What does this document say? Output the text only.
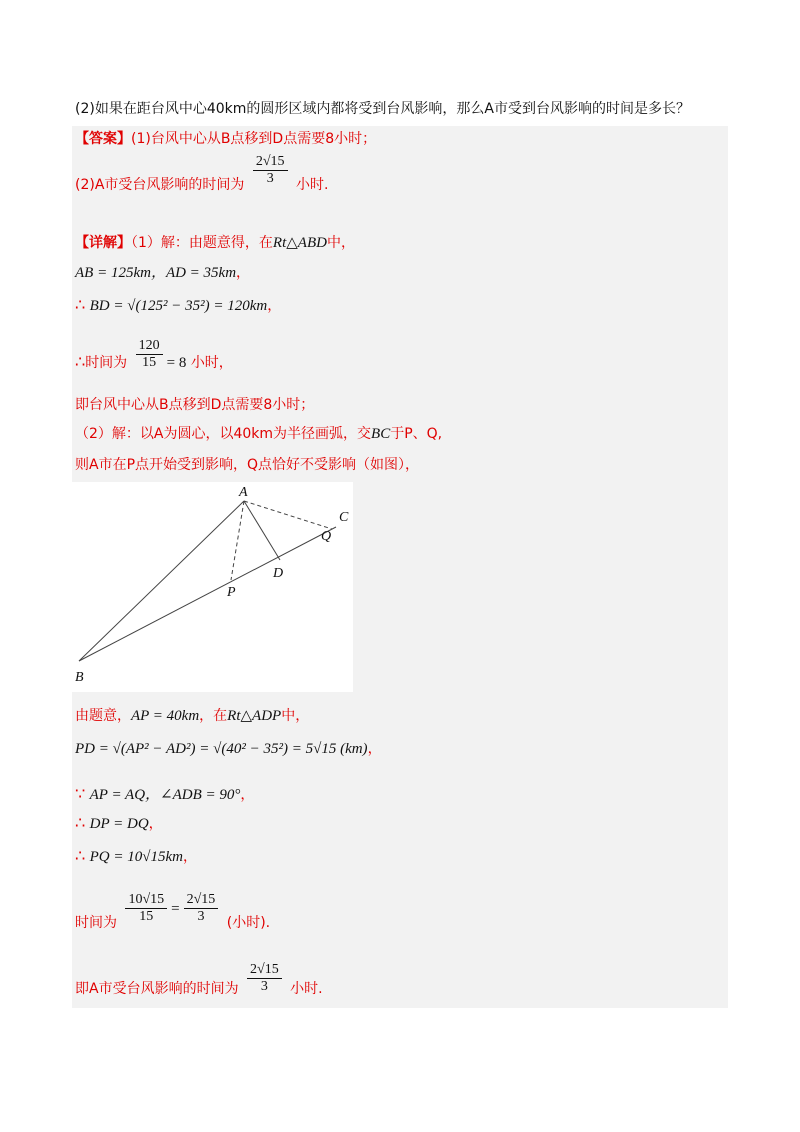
(2)如果在距台风中心40km的圆形区域内都将受到台风影响，那么A市受到台风影响的时间是多长？
【答案】(1)台风中心从B点移到D点需要8小时；
(2)A市受台风影响的时间为 $\frac{2√15}{3}$ 小时.
【详解】（1）解：由题意得，在Rt△ABD中，
AB = 125km，AD = 35km，
∴ BD = √(125² − 35²) = 120km，
∴时间为 $\frac{120}{15} = 8$ 小时，
即台风中心从B点移到D点需要8小时；
（2）解：以A为圆心，以40km为半径画弧，交BC于P、Q,
则A市在P点开始受到影响，Q点恰好不受影响（如图），
A
B
C
D
P
Q
由题意，AP = 40km，在Rt△ADP中，
PD = √(AP² − AD²) = √(40² − 35²) = 5√15 (km)，
∵ AP = AQ，∠ADB = 90°，
∴ DP = DQ，
∴ PQ = 10√15km，
时间为 $\frac{10√15}{15} = \frac{2√15}{3}$ (小时).
即A市受台风影响的时间为 $\frac{2√15}{3}$ 小时.
